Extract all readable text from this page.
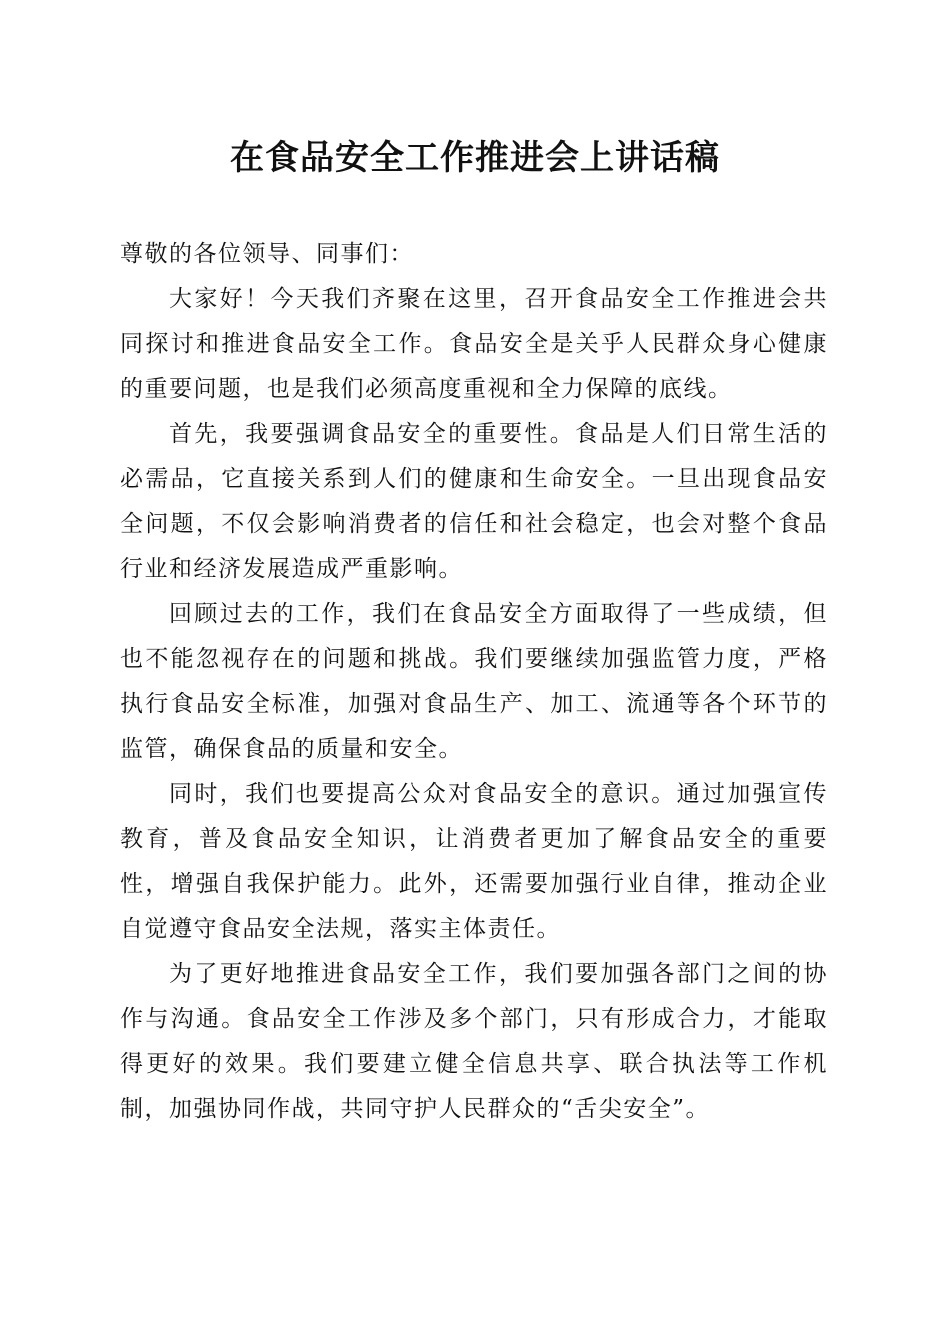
在食品安全工作推进会上讲话稿

尊敬的各位领导、同事们：

大家好！今天我们齐聚在这里，召开食品安全工作推进会共同探讨和推进食品安全工作。食品安全是关乎人民群众身心健康的重要问题，也是我们必须高度重视和全力保障的底线。

首先，我要强调食品安全的重要性。食品是人们日常生活的必需品，它直接关系到人们的健康和生命安全。一旦出现食品安全问题，不仅会影响消费者的信任和社会稳定，也会对整个食品行业和经济发展造成严重影响。

回顾过去的工作，我们在食品安全方面取得了一些成绩，但也不能忽视存在的问题和挑战。我们要继续加强监管力度，严格执行食品安全标准，加强对食品生产、加工、流通等各个环节的监管，确保食品的质量和安全。

同时，我们也要提高公众对食品安全的意识。通过加强宣传教育，普及食品安全知识，让消费者更加了解食品安全的重要性，增强自我保护能力。此外，还需要加强行业自律，推动企业自觉遵守食品安全法规，落实主体责任。

为了更好地推进食品安全工作，我们要加强各部门之间的协作与沟通。食品安全工作涉及多个部门，只有形成合力，才能取得更好的效果。我们要建立健全信息共享、联合执法等工作机制，加强协同作战，共同守护人民群众的“舌尖安全”。
